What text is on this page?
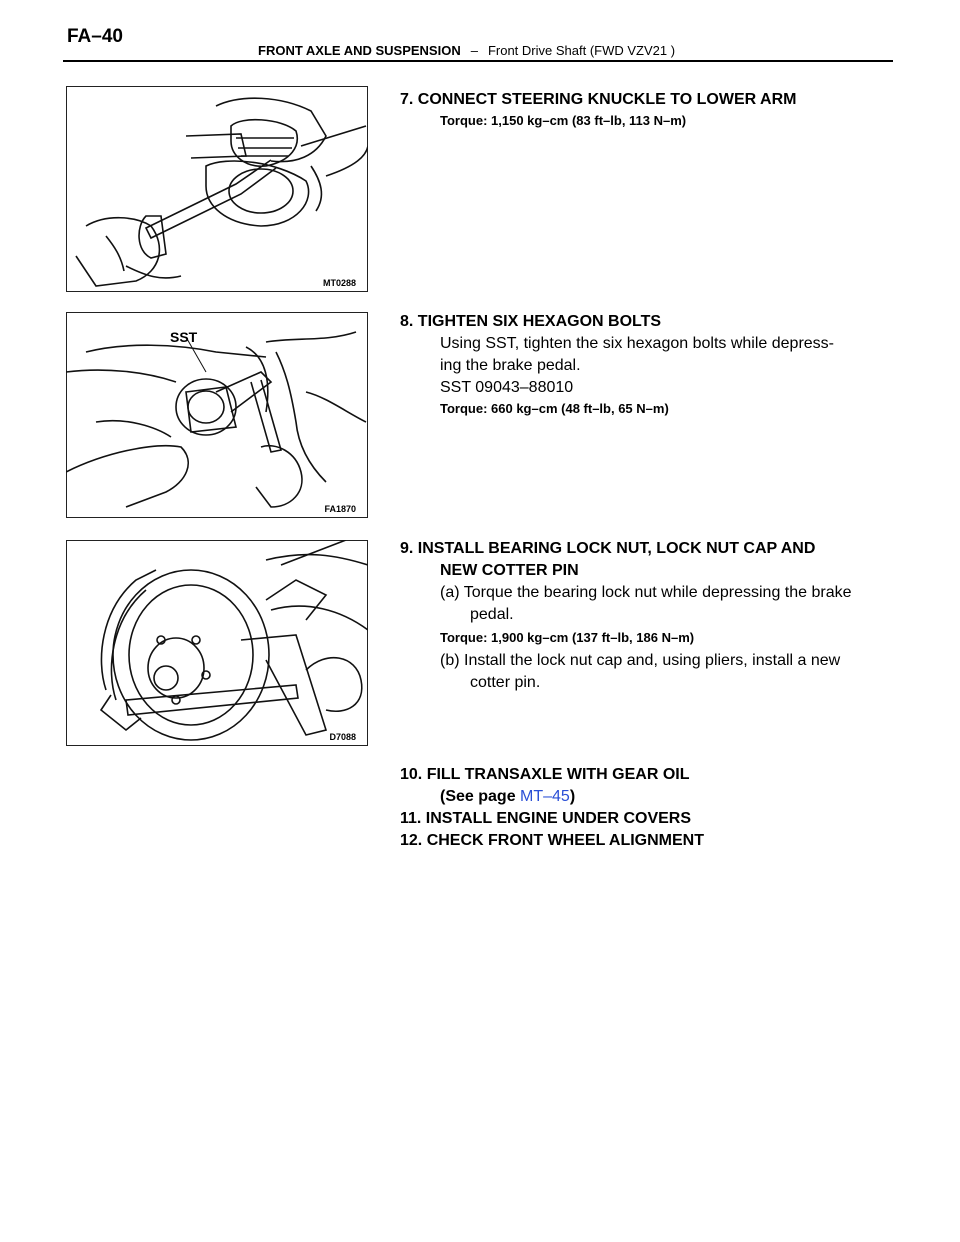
FA–40
FRONT AXLE AND SUSPENSION – Front Drive Shaft (FWD VZV21 )
MT0288
SST
FA1870
D7088
7. CONNECT STEERING KNUCKLE TO LOWER ARM
Torque: 1,150 kg–cm (83 ft–lb, 113 N–m)
8. TIGHTEN SIX HEXAGON BOLTS
Using SST, tighten the six hexagon bolts while depress-
ing the brake pedal.
SST 09043–88010
Torque: 660 kg–cm (48 ft–lb, 65 N–m)
9. INSTALL BEARING LOCK NUT, LOCK NUT CAP AND
NEW COTTER PIN
(a) Torque the bearing lock nut while depressing the brake
pedal.
Torque: 1,900 kg–cm (137 ft–lb, 186 N–m)
(b) Install the lock nut cap and, using pliers, install a new
cotter pin.
10. FILL TRANSAXLE WITH GEAR OIL
(See page MT–45)
11. INSTALL ENGINE UNDER COVERS
12. CHECK FRONT WHEEL ALIGNMENT
